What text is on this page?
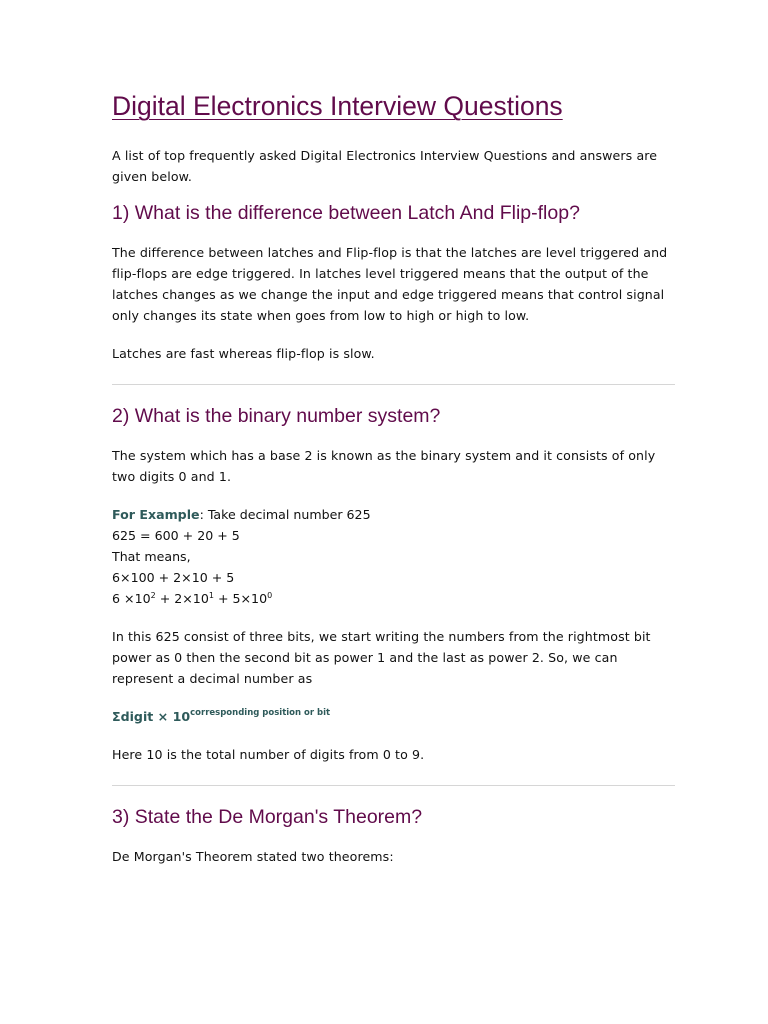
Digital Electronics Interview Questions

A list of top frequently asked Digital Electronics Interview Questions and answers are given below.

1) What is the difference between Latch And Flip-flop?

The difference between latches and Flip-flop is that the latches are level triggered and flip-flops are edge triggered. In latches level triggered means that the output of the latches changes as we change the input and edge triggered means that control signal only changes its state when goes from low to high or high to low.

Latches are fast whereas flip-flop is slow.

2) What is the binary number system?

The system which has a base 2 is known as the binary system and it consists of only two digits 0 and 1.

For Example: Take decimal number 625
625 = 600 + 20 + 5
That means,
6×100 + 2×10 + 5
$6 \times 10^2 + 2\times 10^1 + 5\times 10^0$

In this 625 consist of three bits, we start writing the numbers from the rightmost bit power as 0 then the second bit as power 1 and the last as power 2. So, we can represent a decimal number as

Σdigit × $10^{corresponding position or bit}$

Here 10 is the total number of digits from 0 to 9.

3) State the De Morgan's Theorem?

De Morgan's Theorem stated two theorems:
